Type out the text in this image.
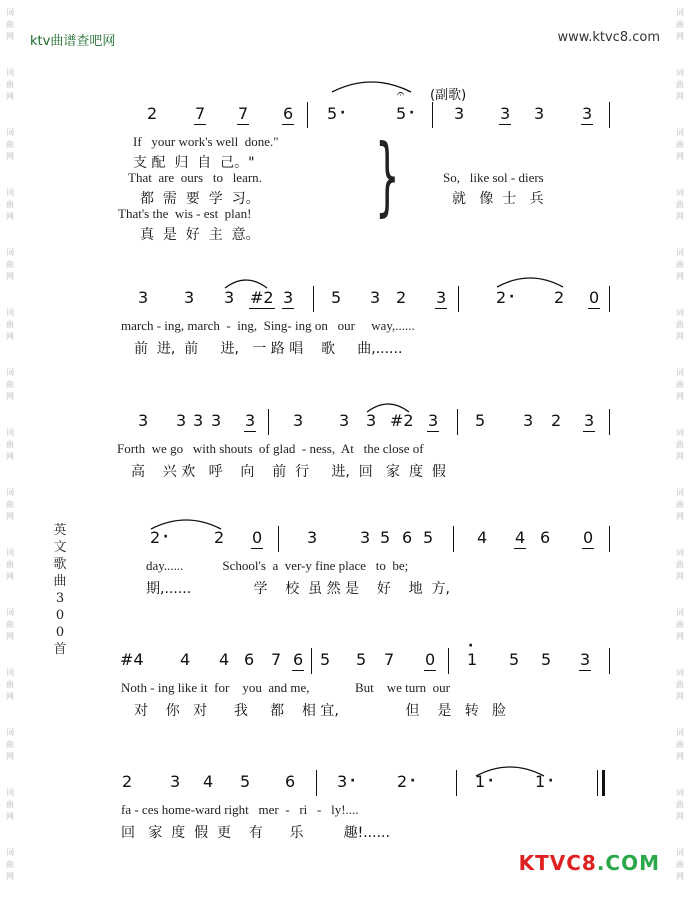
ktv曲谱查吧网	www.ktvc8.com
词
曲
网
词
曲
网
词
曲
网
词
曲
网
词
曲
网
词
曲
网
词
曲
网
词
曲
网
词
曲
网
词
曲
网
词
曲
网
词
曲
网
词
曲
网
词
曲
网
词
曲
网
词
曲
网
词
曲
网
词
曲
网
词
曲
网
词
曲
网
词
曲
网
词
曲
网
词
曲
网
词
曲
网
词
曲
网
词
曲
网
词
曲
网
词
曲
网
词
曲
网
词
曲
网
英
文
歌
曲
3
0
0
首
(副歌)
𝄐
}
2 7 7 6 5 ·	5 · 3 3 3 3
If   your work's well  done."
支 配  归  自  己。"
That  are  ours   to   learn.	So,   like sol - diers
都  需  要  学  习。	就   像  士   兵
That's the  wis - est  plan!
真  是  好  主  意。
3 3 3 #2 3 5 3 2 3	2 · 2 0
march - ing, march  -  ing,  Sing- ing on   our     way,......
前  进,  前     进,   一 路 唱    歌     曲,......
3 3 3 3 3 3 3 3 #2 3 5 3 2 3
Forth  we go   with shouts  of glad  - ness,  At   the close of
高    兴 欢   呼    向    前  行     进,  回   家  度  假
2 ·	2 0	3	3 5 6 5	4 4 6 0
day......            School's  a  ver-y fine place   to  be;
期,......              学    校  虽 然 是    好    地  方,
#4 4 4 6 7 6 5 5 7 0 1
·
5 5 3
Noth - ing like it  for    you  and me,              But    we turn  our
对    你   对      我     都    相 宜,               但    是   转   脸
2 3 4 5 6	3 ·	2 ·	1 ·	1 ·
fa - ces home-ward right   mer  -   ri   -   ly!....
回   家  度  假  更    有      乐         趣!......
KTVC8.COM
